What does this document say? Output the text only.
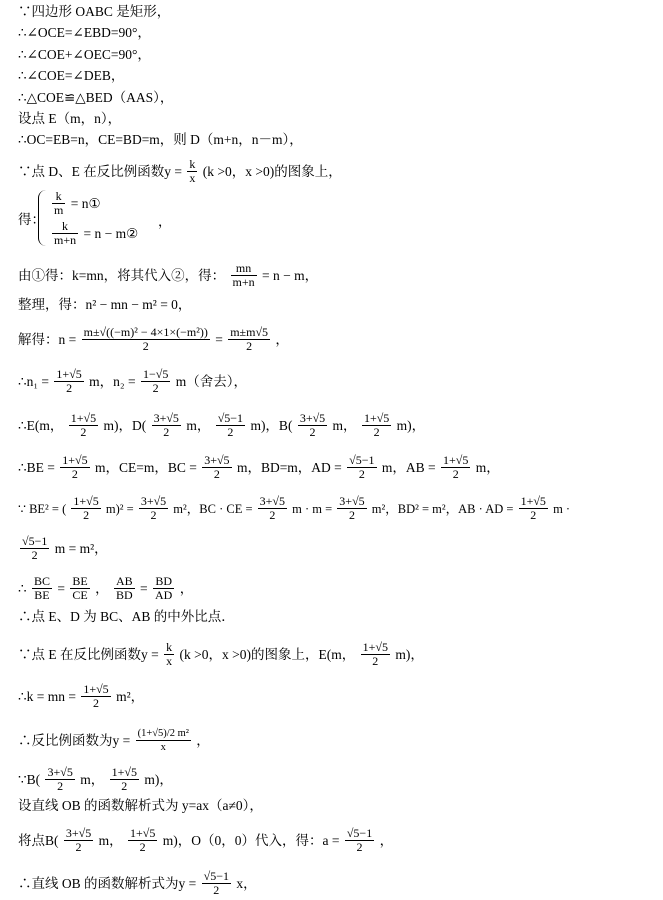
∵四边形 OABC 是矩形，
∴∠OCE=∠EBD=90°，
∴∠COE+∠OEC=90°，
∴∠COE=∠DEB，
∴△COE≌△BED（AAS），
设点 E（m，n），
∴OC=EB=n，CE=BD=m，则 D（m+n，n－m），
∵点 D、E 在反比例函数$y = \frac{k}{x} (k >0$，x >0)的图象上，
得：
$\frac{k}{m}$ = n①
$\frac{k}{m+n} = n$ − m②
，
由①得：k=mn，将其代入②，得： $\frac{mn}{m+n} = n - m$，
整理，得：n² − mn − m² = 0，
解得：$n = \frac{\text{m±√((−m)² − 4×1×(−m²))}}{2} = \frac{m\pm m√5}{2}$ ，
∴n₁ = $\frac{1+√5}{2}$ m，$n_2 = \frac{1-√5}{2} m$（舍去），
∴E(m， $\frac{1+√5}{2} m$)，$D( \frac{3+√5}{2}$ m， $\frac{√5-1}{2} m$)，$B( \frac{3+√5}{2}$ m， $\frac{1+√5}{2} m$)，
∴BE = $\frac{1+√5}{2}$ m，CE=m，BC = $\frac{3+√5}{2}$ m，BD=m，AD = $\frac{√5-1}{2}$ m，AB = $\frac{1+√5}{2}$ m，
∵ BE² = ( $\frac{1+√5}{2} m)^2 = \frac{3+√5}{2} m^2$，BC · CE = $\frac{3+√5}{2}$ $m \cdot m = \frac{3+√5}{2} m^2$，BD² = m²，AB · AD = $\frac{1+√5}{2}$ m ·
$\frac{√5-1}{2}$ m = m²，
∴ $\frac{BC}{BE} = \frac{BE}{CE}$ ， $\frac{AB}{BD} = \frac{BD}{AD}$ ，
∴点 E、D 为 BC、AB 的中外比点．
∵点 E 在反比例函数$y = \frac{k}{x} (k >0$，x >0)的图象上，E(m， $\frac{1+√5}{2} m$)，
∴k = mn = $\frac{1+√5}{2} m^2$，
∴反比例函数为$y = \frac{\text{(1+√5)/2 m²}}{x}$ ，
∵B( $\frac{3+√5}{2}$ m， $\frac{1+√5}{2} m$)，
设直线 OB 的函数解析式为 y=ax（a≠0），
将点$B( \frac{3+√5}{2}$ m， $\frac{1+√5}{2} m$)，O（0，0）代入，得：$a = \frac{√5-1}{2}$ ，
∴直线 OB 的函数解析式为$y = \frac{√5-1}{2}$ x，
